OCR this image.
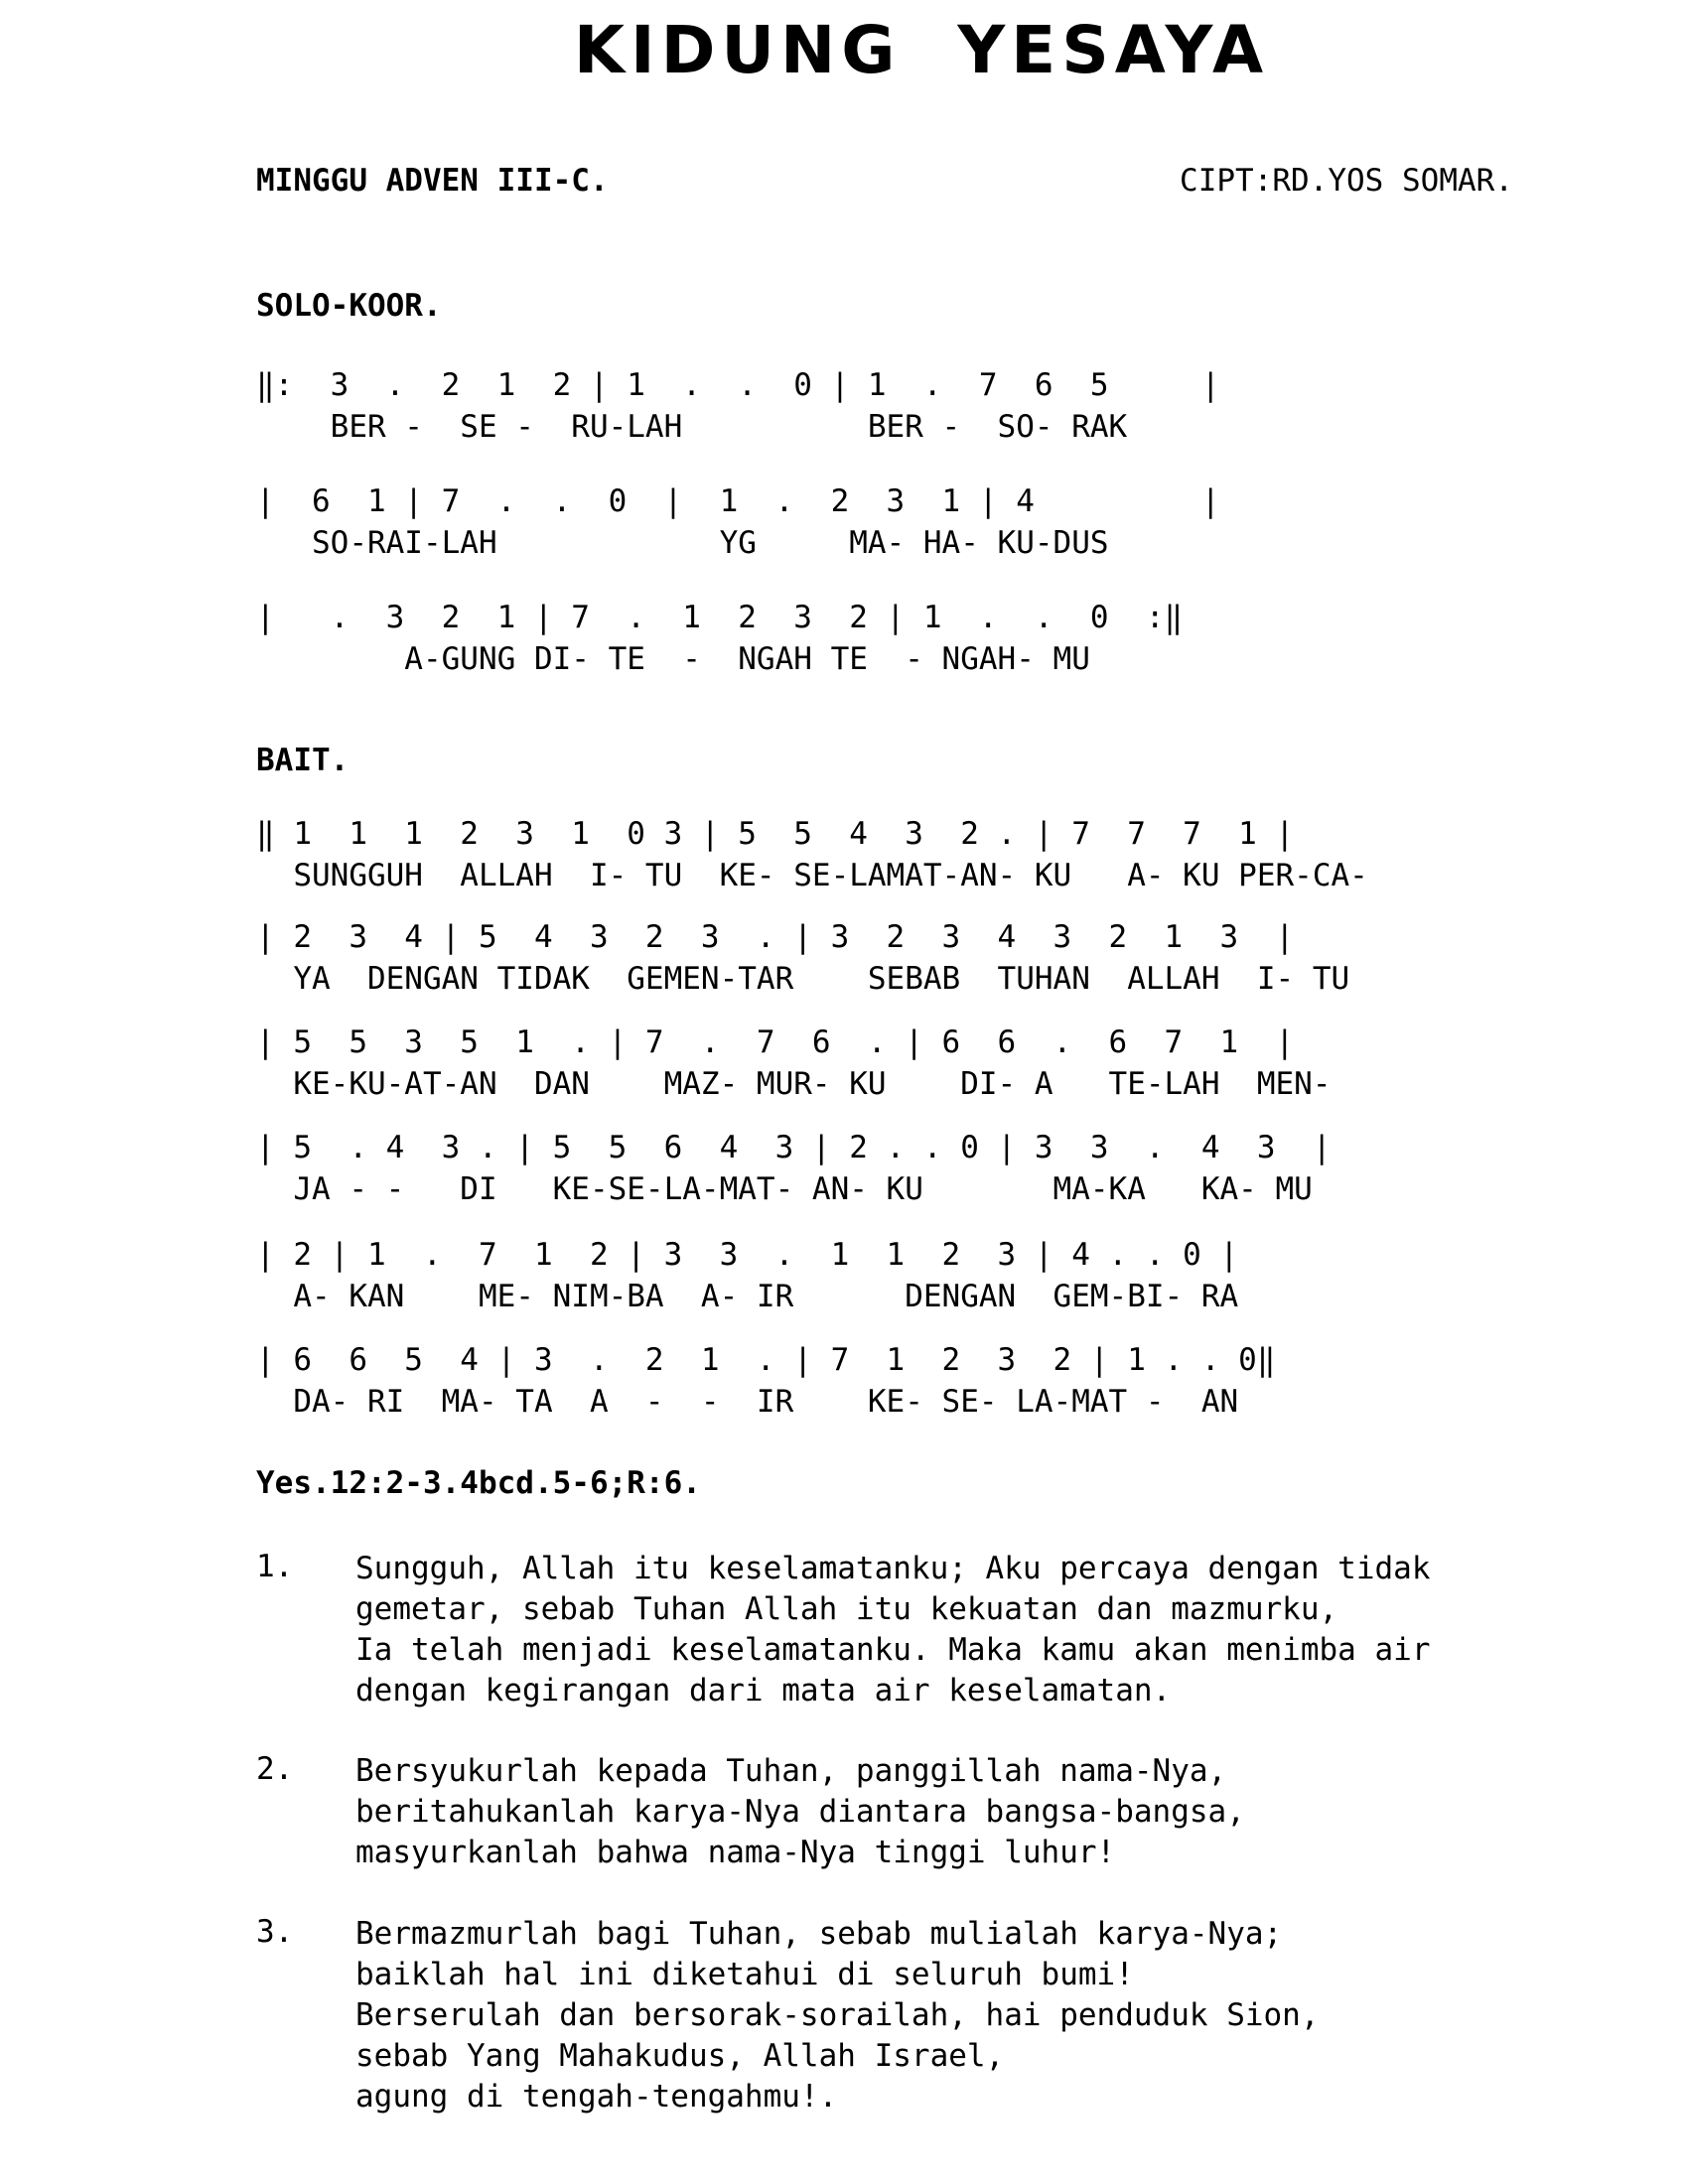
KIDUNG YESAYA
MINGGU ADVEN III-C.	CIPT:RD.YOS SOMAR.
SOLO-KOOR.
‖:  3  .  2  1  2 | 1  .  .  0 | 1  .  7  6  5     |
BER -  SE -  RU-LAH          BER -  SO- RAK
|  6  1 | 7  .  .  0  |  1  .  2  3  1 | 4         |
SO-RAI-LAH            YG     MA- HA- KU-DUS
|   .  3  2  1 | 7  .  1  2  3  2 | 1  .  .  0  :‖
A-GUNG DI- TE  -  NGAH TE  - NGAH- MU
BAIT.
‖ 1  1  1  2  3  1  0 3 | 5  5  4  3  2 . | 7  7  7  1 |
SUNGGUH  ALLAH  I- TU  KE- SE-LAMAT-AN- KU   A- KU PER-CA-
| 2  3  4 | 5  4  3  2  3  . | 3  2  3  4  3  2  1  3  |
YA  DENGAN TIDAK  GEMEN-TAR    SEBAB  TUHAN  ALLAH  I- TU
| 5  5  3  5  1  . | 7  .  7  6  . | 6  6  .  6  7  1  |
KE-KU-AT-AN  DAN    MAZ- MUR- KU    DI- A   TE-LAH  MEN-
| 5  . 4  3 . | 5  5  6  4  3 | 2 . . 0 | 3  3  .  4  3  |
JA - -   DI   KE-SE-LA-MAT- AN- KU       MA-KA   KA- MU
| 2 | 1  .  7  1  2 | 3  3  .  1  1  2  3 | 4 . . 0 |
A- KAN    ME- NIM-BA  A- IR      DENGAN  GEM-BI- RA
| 6  6  5  4 | 3  .  2  1  . | 7  1  2  3  2 | 1 . . 0‖
DA- RI  MA- TA  A  -  -  IR    KE- SE- LA-MAT -  AN
Yes.12:2-3.4bcd.5-6;R:6.
1. Sungguh, Allah itu keselamatanku; Aku percaya dengan tidak
gemetar, sebab Tuhan Allah itu kekuatan dan mazmurku,
Ia telah menjadi keselamatanku. Maka kamu akan menimba air
dengan kegirangan dari mata air keselamatan.
2. Bersyukurlah kepada Tuhan, panggillah nama-Nya,
beritahukanlah karya-Nya diantara bangsa-bangsa,
masyurkanlah bahwa nama-Nya tinggi luhur!
3. Bermazmurlah bagi Tuhan, sebab mulialah karya-Nya;
baiklah hal ini diketahui di seluruh bumi!
Berserulah dan bersorak-sorailah, hai penduduk Sion,
sebab Yang Mahakudus, Allah Israel,
agung di tengah-tengahmu!.
